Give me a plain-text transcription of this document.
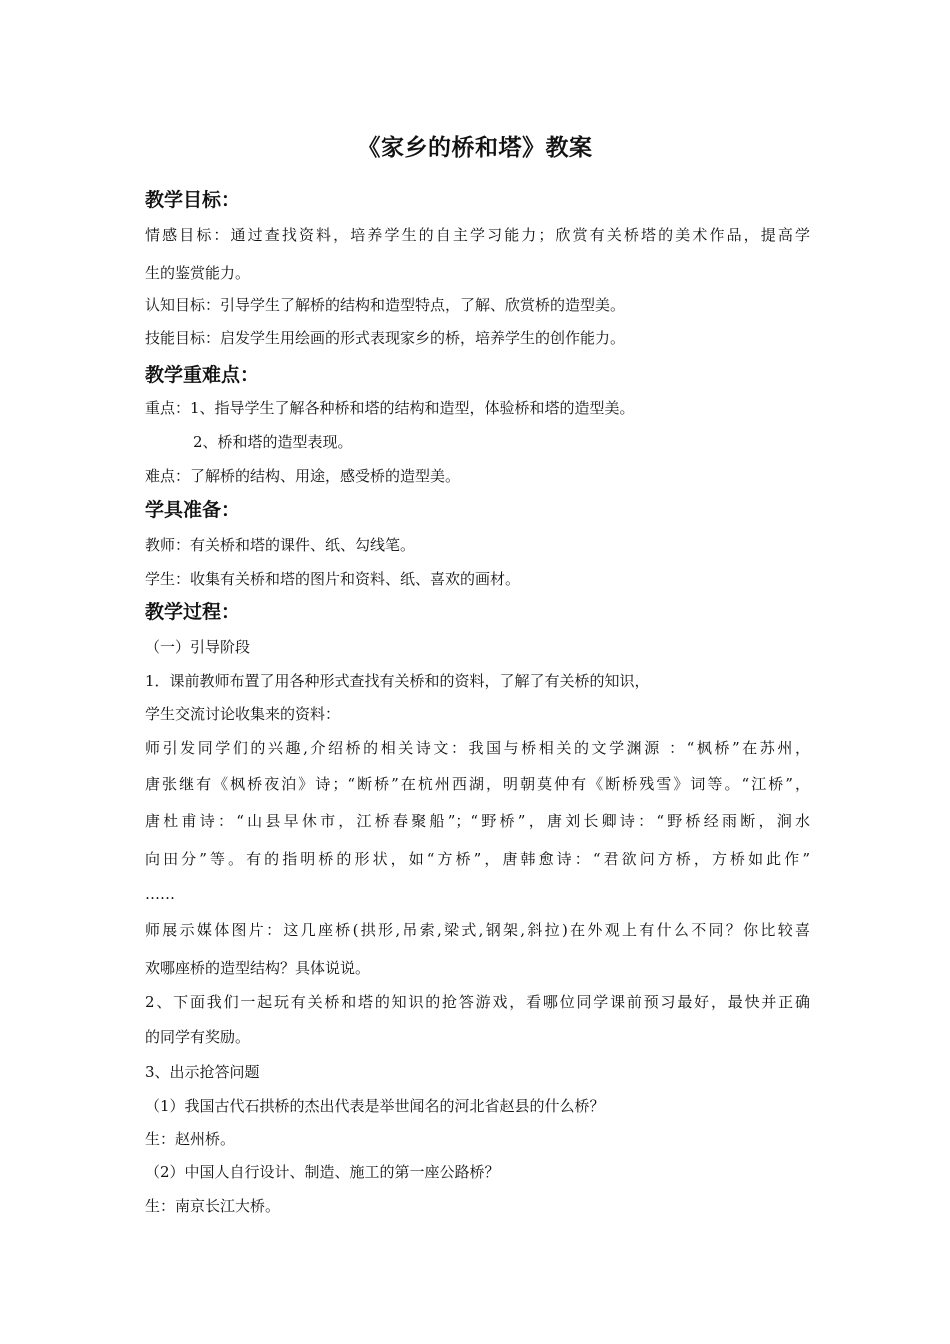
《家乡的桥和塔》教案
教学目标：
情感目标：通过查找资料，培养学生的自主学习能力；欣赏有关桥塔的美术作品，提高学
生的鉴赏能力。
认知目标：引导学生了解桥的结构和造型特点，了解、欣赏桥的造型美。
技能目标：启发学生用绘画的形式表现家乡的桥，培养学生的创作能力。
教学重难点：
重点：1、指导学生了解各种桥和塔的结构和造型，体验桥和塔的造型美。
2、桥和塔的造型表现。
难点：了解桥的结构、用途，感受桥的造型美。
学具准备：
教师：有关桥和塔的课件、纸、勾线笔。
学生：收集有关桥和塔的图片和资料、纸、喜欢的画材。
教学过程：
（一）引导阶段
1．课前教师布置了用各种形式查找有关桥和的资料，了解了有关桥的知识，
学生交流讨论收集来的资料：
师引发同学们的兴趣,介绍桥的相关诗文：我国与桥相关的文学渊源 ：“枫桥”在苏州，
唐张继有《枫桥夜泊》诗；“断桥”在杭州西湖，明朝莫仲有《断桥残雪》词等。“江桥”，
唐杜甫诗：“山县早休市，江桥春聚船”；“野桥”，唐刘长卿诗：“野桥经雨断，涧水
向田分”等。有的指明桥的形状，如“方桥”，唐韩愈诗：“君欲问方桥，方桥如此作”
……
师展示媒体图片：这几座桥(拱形,吊索,梁式,钢架,斜拉)在外观上有什么不同？你比较喜
欢哪座桥的造型结构？具体说说。
2、下面我们一起玩有关桥和塔的知识的抢答游戏，看哪位同学课前预习最好，最快并正确
的同学有奖励。
3、出示抢答问题
（1）我国古代石拱桥的杰出代表是举世闻名的河北省赵县的什么桥？
生：赵州桥。
（2）中国人自行设计、制造、施工的第一座公路桥？
生：南京长江大桥。
